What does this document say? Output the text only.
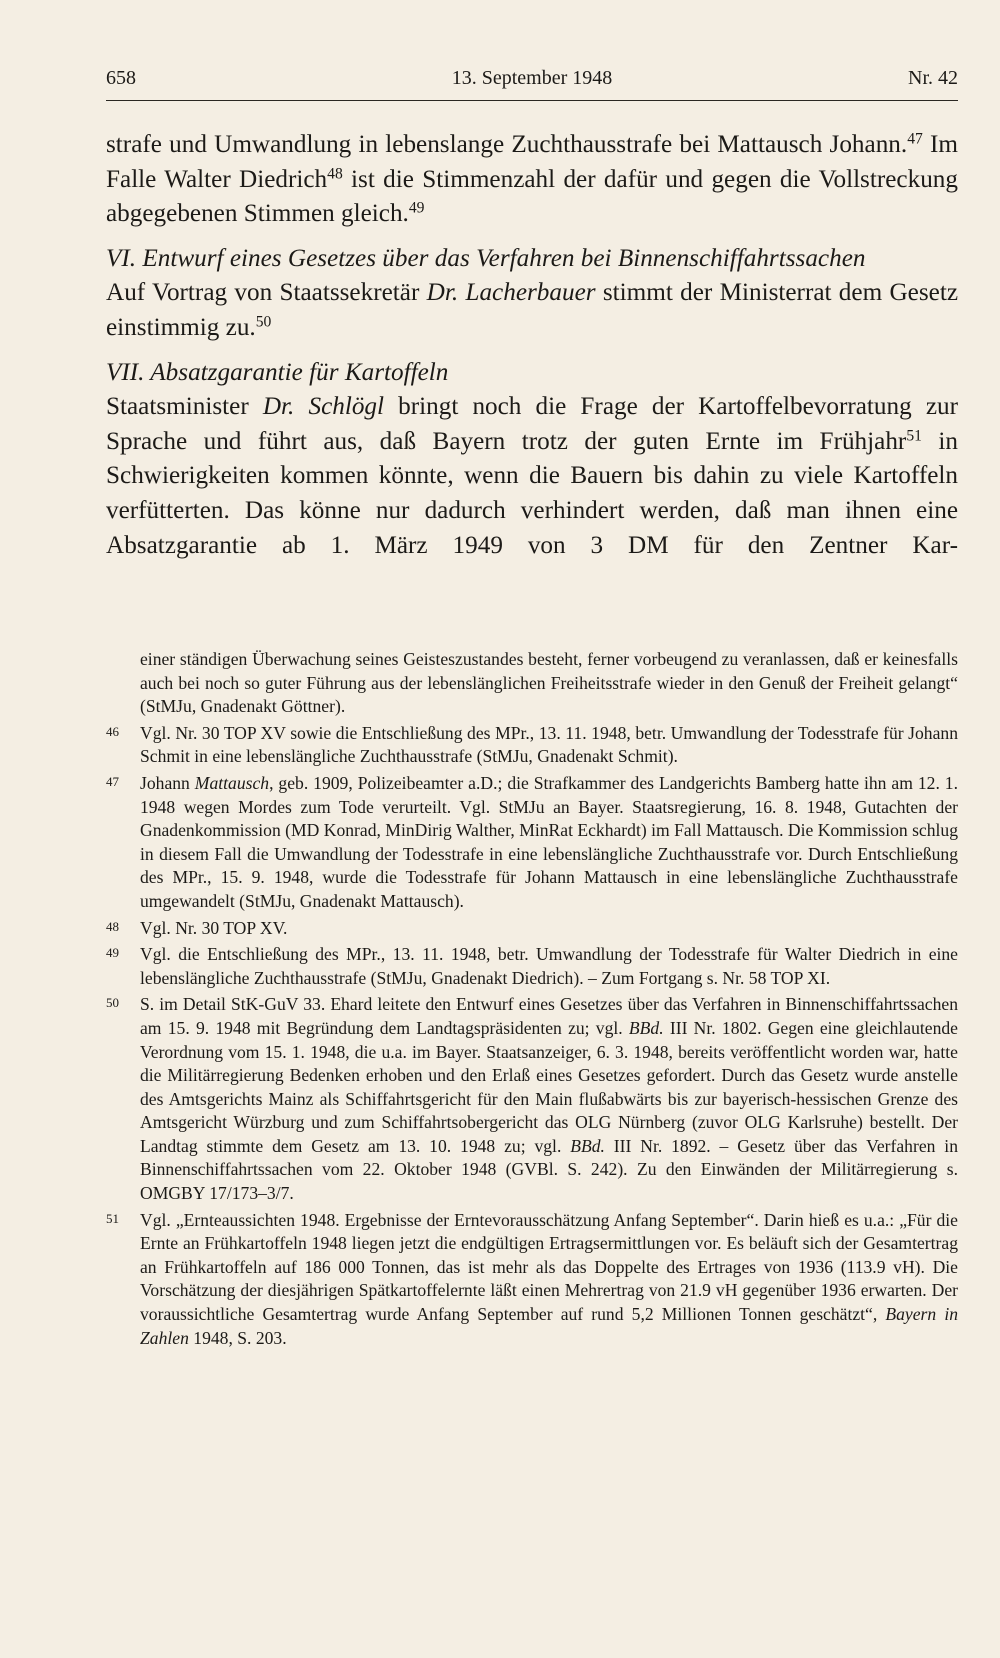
658	13. September 1948	Nr. 42

strafe und Umwandlung in lebenslange Zuchthausstrafe bei Mattausch Johann.$^{47}$ Im Falle Walter Diedrich$^{48}$ ist die Stimmenzahl der dafür und gegen die Vollstreckung abgegebenen Stimmen gleich.$^{49}$

VI. Entwurf eines Gesetzes über das Verfahren bei Binnenschiffahrtssachen

Auf Vortrag von Staatssekretär Dr. Lacherbauer stimmt der Ministerrat dem Gesetz einstimmig zu.$^{50}$

VII. Absatzgarantie für Kartoffeln

Staatsminister Dr. Schlögl bringt noch die Frage der Kartoffelbevorratung zur Sprache und führt aus, daß Bayern trotz der guten Ernte im Frühjahr$^{51}$ in Schwierigkeiten kommen könnte, wenn die Bauern bis dahin zu viele Kartoffeln verfütterten. Das könne nur dadurch verhindert werden, daß man ihnen eine Absatzgarantie ab 1. März 1949 von 3 DM für den Zentner Kar-

einer ständigen Überwachung seines Geisteszustandes besteht, ferner vorbeugend zu veranlassen, daß er keinesfalls auch bei noch so guter Führung aus der lebenslänglichen Freiheitsstrafe wieder in den Genuß der Freiheit gelangt“ (StMJu, Gnadenakt Göttner).

46 Vgl. Nr. 30 TOP XV sowie die Entschließung des MPr., 13. 11. 1948, betr. Umwandlung der Todesstrafe für Johann Schmit in eine lebenslängliche Zuchthausstrafe (StMJu, Gnadenakt Schmit).

47 Johann Mattausch, geb. 1909, Polizeibeamter a.D.; die Strafkammer des Landgerichts Bamberg hatte ihn am 12. 1. 1948 wegen Mordes zum Tode verurteilt. Vgl. StMJu an Bayer. Staatsregierung, 16. 8. 1948, Gutachten der Gnadenkommission (MD Konrad, MinDirig Walther, MinRat Eckhardt) im Fall Mattausch. Die Kommission schlug in diesem Fall die Umwandlung der Todesstrafe in eine lebenslängliche Zuchthausstrafe vor. Durch Entschließung des MPr., 15. 9. 1948, wurde die Todesstrafe für Johann Mattausch in eine lebenslängliche Zuchthausstrafe umgewandelt (StMJu, Gnadenakt Mattausch).

48 Vgl. Nr. 30 TOP XV.

49 Vgl. die Entschließung des MPr., 13. 11. 1948, betr. Umwandlung der Todesstrafe für Walter Diedrich in eine lebenslängliche Zuchthausstrafe (StMJu, Gnadenakt Diedrich). – Zum Fortgang s. Nr. 58 TOP XI.

50 S. im Detail StK-GuV 33. Ehard leitete den Entwurf eines Gesetzes über das Verfahren in Binnenschiffahrtssachen am 15. 9. 1948 mit Begründung dem Landtagspräsidenten zu; vgl. BBd. III Nr. 1802. Gegen eine gleichlautende Verordnung vom 15. 1. 1948, die u.a. im Bayer. Staatsanzeiger, 6. 3. 1948, bereits veröffentlicht worden war, hatte die Militärregierung Bedenken erhoben und den Erlaß eines Gesetzes gefordert. Durch das Gesetz wurde anstelle des Amtsgerichts Mainz als Schiffahrtsgericht für den Main flußabwärts bis zur bayerisch-hessischen Grenze des Amtsgericht Würzburg und zum Schiffahrtsobergericht das OLG Nürnberg (zuvor OLG Karlsruhe) bestellt. Der Landtag stimmte dem Gesetz am 13. 10. 1948 zu; vgl. BBd. III Nr. 1892. – Gesetz über das Verfahren in Binnenschiffahrtssachen vom 22. Oktober 1948 (GVBl. S. 242). Zu den Einwänden der Militärregierung s. OMGBY 17/173–3/7.

51 Vgl. „Ernteaussichten 1948. Ergebnisse der Erntevorausschätzung Anfang September“. Darin hieß es u.a.: „Für die Ernte an Frühkartoffeln 1948 liegen jetzt die endgültigen Ertragsermittlungen vor. Es beläuft sich der Gesamtertrag an Frühkartoffeln auf 186 000 Tonnen, das ist mehr als das Doppelte des Ertrages von 1936 (113.9 vH). Die Vorschätzung der diesjährigen Spätkartoffelernte läßt einen Mehrertrag von 21.9 vH gegenüber 1936 erwarten. Der voraussichtliche Gesamtertrag wurde Anfang September auf rund 5,2 Millionen Tonnen geschätzt“, Bayern in Zahlen 1948, S. 203.
